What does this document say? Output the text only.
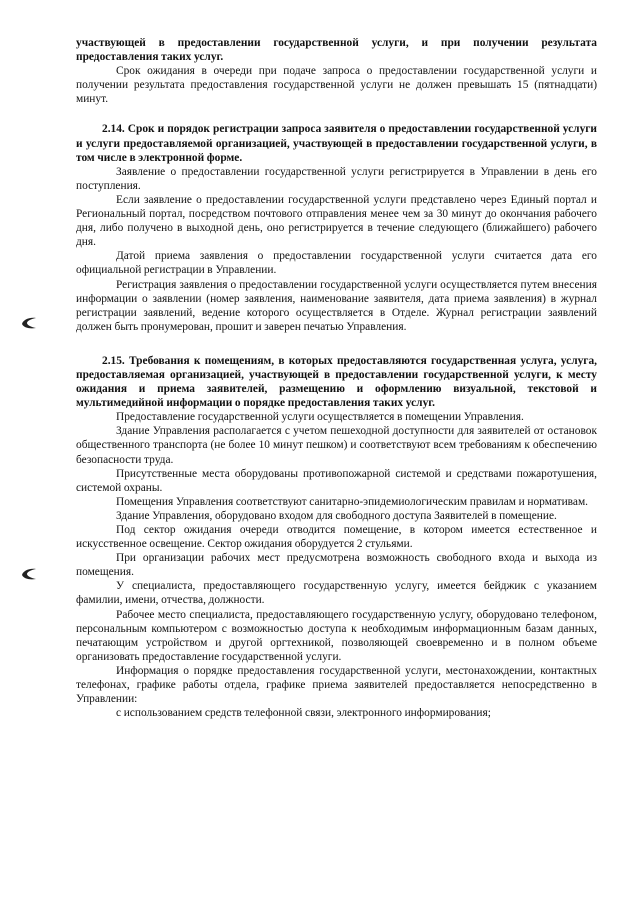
участвующей в предоставлении государственной услуги, и при получении результата предоставления таких услуг.

Срок ожидания в очереди при подаче запроса о предоставлении государственной услуги и получении результата предоставления государственной услуги не должен превышать 15 (пятнадцати) минут.

2.14. Срок и порядок регистрации запроса заявителя о предоставлении государственной услуги и услуги предоставляемой организацией, участвующей в предоставлении государственной услуги, в том числе в электронной форме.

Заявление о предоставлении государственной услуги регистрируется в Управлении в день его поступления.

Если заявление о предоставлении государственной услуги представлено через Единый портал и Региональный портал, посредством почтового отправления менее чем за 30 минут до окончания рабочего дня, либо получено в выходной день, оно регистрируется в течение следующего (ближайшего) рабочего дня.

Датой приема заявления о предоставлении государственной услуги считается дата его официальной регистрации в Управлении.

Регистрация заявления о предоставлении государственной услуги осуществляется путем внесения информации о заявлении (номер заявления, наименование заявителя, дата приема заявления) в журнал регистрации заявлений, ведение которого осуществляется в Отделе. Журнал регистрации заявлений должен быть пронумерован, прошит и заверен печатью Управления.

2.15. Требования к помещениям, в которых предоставляются государственная услуга, услуга, предоставляемая организацией, участвующей в предоставлении государственной услуги, к месту ожидания и приема заявителей, размещению и оформлению визуальной, текстовой и мультимедийной информации о порядке предоставления таких услуг.

Предоставление государственной услуги осуществляется в помещении Управления.

Здание Управления располагается с учетом пешеходной доступности для заявителей от остановок общественного транспорта (не более 10 минут пешком) и соответствуют всем требованиям к обеспечению безопасности труда.

Присутственные места оборудованы противопожарной системой и средствами пожаротушения, системой охраны.

Помещения Управления соответствуют санитарно-эпидемиологическим правилам и нормативам.

Здание Управления, оборудовано входом для свободного доступа Заявителей в помещение.

Под сектор ожидания очереди отводится помещение, в котором имеется естественное и искусственное освещение. Сектор ожидания оборудуется 2 стульями.

При организации рабочих мест предусмотрена возможность свободного входа и выхода из помещения.

У специалиста, предоставляющего государственную услугу, имеется бейджик с указанием фамилии, имени, отчества, должности.

Рабочее место специалиста, предоставляющего государственную услугу, оборудовано телефоном, персональным компьютером с возможностью доступа к необходимым информационным базам данных, печатающим устройством и другой оргтехникой, позволяющей своевременно и в полном объеме организовать предоставление государственной услуги.

Информация о порядке предоставления государственной услуги, местонахождении, контактных телефонах, графике работы отдела, графике приема заявителей предоставляется непосредственно в Управлении:

с использованием средств телефонной связи, электронного информирования;
